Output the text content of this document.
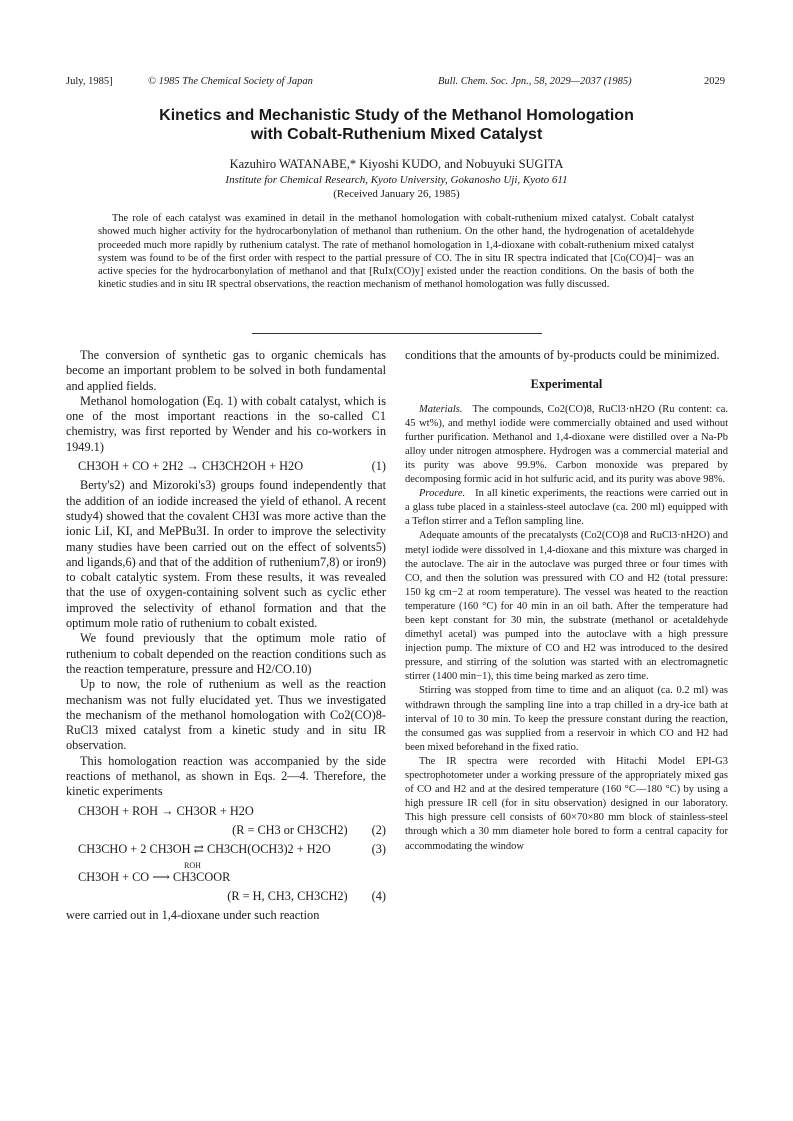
July, 1985]	© 1985 The Chemical Society of Japan	Bull. Chem. Soc. Jpn., 58, 2029—2037 (1985)	2029
Kinetics and Mechanistic Study of the Methanol Homologation
with Cobalt-Ruthenium Mixed Catalyst
Kazuhiro WATANABE,* Kiyoshi KUDO, and Nobuyuki SUGITA
Institute for Chemical Research, Kyoto University, Gokanosho Uji, Kyoto 611
(Received January 26, 1985)

The role of each catalyst was examined in detail in the methanol homologation with cobalt-ruthenium mixed catalyst. Cobalt catalyst showed much higher activity for the hydrocarbonylation of methanol than ruthenium. On the other hand, the hydrogenation of acetaldehyde proceeded much more rapidly by ruthenium catalyst. The rate of methanol homologation in 1,4-dioxane with cobalt-ruthenium mixed catalyst system was found to be of the first order with respect to the partial pressure of CO. The in situ IR spectra indicated that [Co(CO)4]− was an active species for the hydrocarbonylation of methanol and that [RuIx(CO)y] existed under the reaction conditions. On the basis of both the kinetic studies and in situ IR spectral observations, the reaction mechanism of methanol homologation was fully discussed.

The conversion of synthetic gas to organic chemicals has become an important problem to be solved in both fundamental and applied fields.

Methanol homologation (Eq. 1) with cobalt catalyst, which is one of the most important reactions in the so-called C1 chemistry, was first reported by Wender and his co-workers in 1949.1)

CH3OH + CO + 2H2 → CH3CH2OH + H2O	(1)

Berty's2) and Mizoroki's3) groups found independently that the addition of an iodide increased the yield of ethanol. A recent study4) showed that the covalent CH3I was more active than the ionic LiI, KI, and MePBu3I. In order to improve the selectivity many studies have been carried out on the effect of solvents5) and ligands,6) and that of the addition of ruthenium7,8) or iron9) to cobalt catalytic system. From these results, it was revealed that the use of oxygen-containing solvent such as cyclic ether improved the selectivity of ethanol formation and that the optimum mole ratio of ruthenium to cobalt existed.

We found previously that the optimum mole ratio of ruthenium to cobalt depended on the reaction conditions such as the reaction temperature, pressure and H2/CO.10)

Up to now, the role of ruthenium as well as the reaction mechanism was not fully elucidated yet. Thus we investigated the mechanism of the methanol homologation with Co2(CO)8-RuCl3 mixed catalyst from a kinetic study and in situ IR observation.

This homologation reaction was accompanied by the side reactions of methanol, as shown in Eqs. 2—4. Therefore, the kinetic experiments

CH3OH + ROH → CH3OR + H2O
(R = CH3 or CH3CH2) (2)
CH3CHO + 2 CH3OH ⇄ CH3CH(OCH3)2 + H2O	(3)
ROH
CH3OH + CO ⟶ CH3COOR
(R = H, CH3, CH3CH2) (4)

were carried out in 1,4-dioxane under such reaction

conditions that the amounts of by-products could be minimized.

Experimental

Materials. The compounds, Co2(CO)8, RuCl3·nH2O (Ru content: ca. 45 wt%), and methyl iodide were commercially obtained and used without further purification. Methanol and 1,4-dioxane were distilled over a Na-Pb alloy under nitrogen atmosphere. Hydrogen was a commercial material and its purity was above 99.9%. Carbon monoxide was prepared by decomposing formic acid in hot sulfuric acid, and its purity was above 98%.

Procedure. In all kinetic experiments, the reactions were carried out in a glass tube placed in a stainless-steel autoclave (ca. 200 ml) equipped with a Teflon stirrer and a Teflon sampling line.

Adequate amounts of the precatalysts (Co2(CO)8 and RuCl3·nH2O) and metyl iodide were dissolved in 1,4-dioxane and this mixture was charged in the autoclave. The air in the autoclave was purged three or four times with CO, and then the solution was pressured with CO and H2 (total pressure: 150 kg cm−2 at room temperature). The vessel was heated to the reaction temperature (160 °C) for 40 min in an oil bath. After the temperature had been kept constant for 30 min, the substrate (methanol or acetaldehyde dimethyl acetal) was pumped into the autoclave with a high pressure injection pump. The mixture of CO and H2 was introduced to the desired pressure, and stirring of the solution was started with an electromagnetic stirrer (1400 min−1), this time being marked as zero time.

Stirring was stopped from time to time and an aliquot (ca. 0.2 ml) was withdrawn through the sampling line into a trap chilled in a dry-ice bath at interval of 10 to 30 min. To keep the pressure constant during the reaction, the consumed gas was supplied from a reservoir in which CO and H2 had been mixed beforehand in the fixed ratio.

The IR spectra were recorded with Hitachi Model EPI-G3 spectrophotometer under a working pressure of the appropriately mixed gas of CO and H2 and at the desired temperature (160 °C—180 °C) by using a high pressure IR cell (for in situ observation) designed in our laboratory. This high pressure cell consists of 60×70×80 mm block of stainless-steel through which a 30 mm diameter hole bored to form a central capacity for accommodating the window
